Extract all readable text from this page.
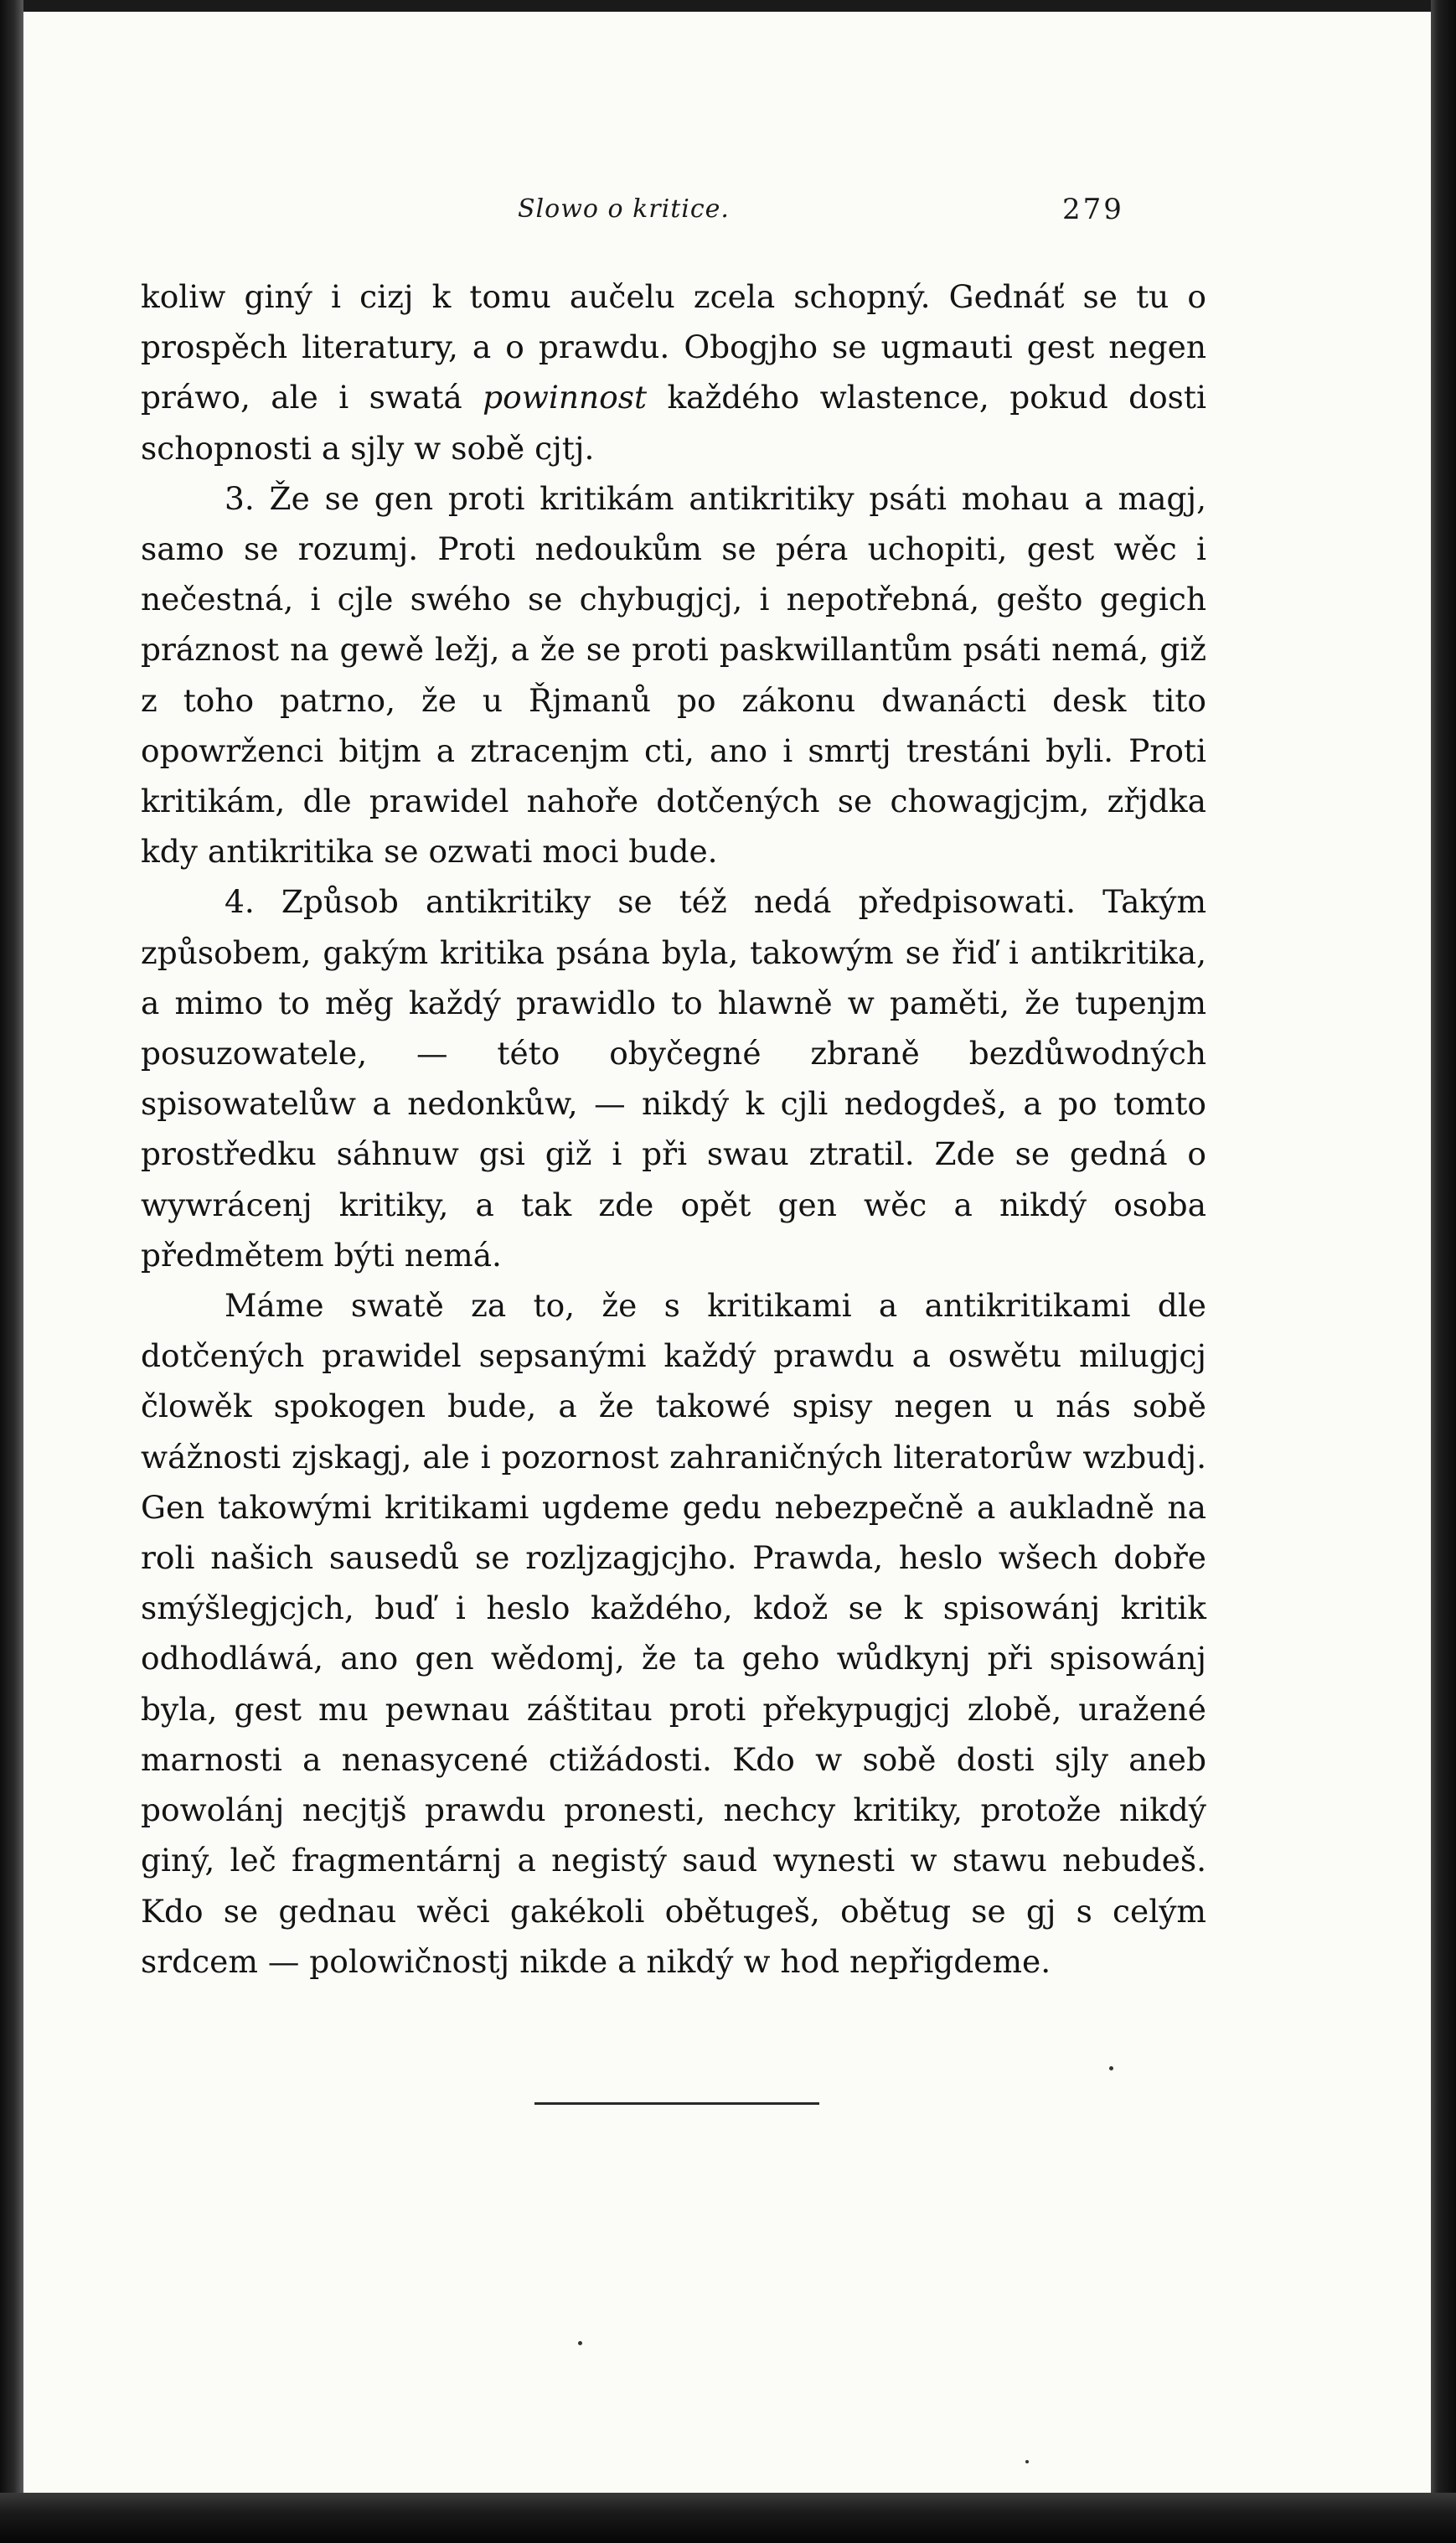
Slowo o kritice.	279

koliw giný i cizj k tomu aučelu zcela schopný. Gednáť se tu o prospěch literatury, a o prawdu. Obogjho se ugmauti gest negen práwo, ale i swatá powinnost každého wlastence, pokud dosti schopnosti a sjly w sobě cjtj.

3. Že se gen proti kritikám antikritiky psáti mohau a magj, samo se rozumj. Proti nedoukům se péra uchopiti, gest wěc i nečestná, i cjle swého se chybugjcj, i nepotřebná, gešto gegich práznost na gewě ležj, a že se proti paskwillantům psáti nemá, giž z toho patrno, že u Řjmanů po zákonu dwanácti desk tito opowrženci bitjm a ztracenjm cti, ano i smrtj trestáni byli. Proti kritikám, dle prawidel nahoře dotčených se chowagjcjm, zřjdka kdy antikritika se ozwati moci bude.

4. Způsob antikritiky se též nedá předpisowati. Takým způsobem, gakým kritika psána byla, takowým se řiď i antikritika, a mimo to měg každý prawidlo to hlawně w paměti, že tupenjm posuzowatele, — této obyčegné zbraně bezdůwodných spisowatelůw a nedonkůw, — nikdý k cjli nedogdeš, a po tomto prostředku sáhnuw gsi giž i při swau ztratil. Zde se gedná o wywrácenj kritiky, a tak zde opět gen wěc a nikdý osoba předmětem býti nemá.

Máme swatě za to, že s kritikami a antikritikami dle dotčených prawidel sepsanými každý prawdu a oswětu milugjcj člowěk spokogen bude, a že takowé spisy negen u nás sobě wážnosti zjskagj, ale i pozornost zahraničných literatorůw wzbudj. Gen takowými kritikami ugdeme gedu nebezpečně a aukladně na roli našich sausedů se rozljzagjcjho. Prawda, heslo wšech dobře smýšlegjcjch, buď i heslo každého, kdož se k spisowánj kritik odhodláwá, ano gen wědomj, že ta geho wůdkynj při spisowánj byla, gest mu pewnau záštitau proti překypugjcj zlobě, uražené marnosti a nenasycené ctižádosti. Kdo w sobě dosti sjly aneb powolánj necjtjš prawdu pronesti, nechcy kritiky, protože nikdý giný, leč fragmentárnj a negistý saud wynesti w stawu nebudeš. Kdo se gednau wěci gakékoli obětugeš, obětug se gj s celým srdcem — polowičnostj nikde a nikdý w hod nepřigdeme.
